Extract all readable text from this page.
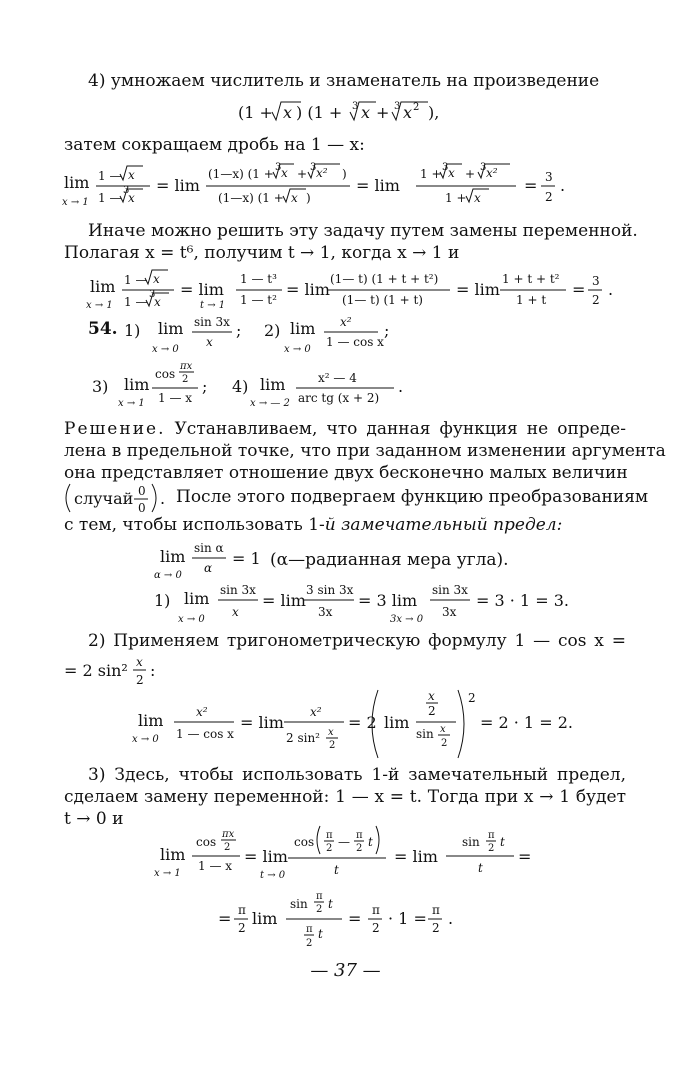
4) умножаем числитель и знаменатель на произведение
(1 + x ) (1 + 3 x + 3 x 2 ),
затем сокращаем дробь на 1 — x:
lim
x → 1
1 — x
1 —
3
x
= lim
(1—x) (1 + 3 x + 3 x² )
(1—x) (1 + x )
= lim
1 + 3 x + 3 x²
1 + x
= 3
2
.
Иначе можно решить эту задачу путем замены переменной.
Полагая x = t⁶, получим t → 1, когда x → 1 и
lim
x → 1
1 — x
1 —
3
x
= lim
t → 1
1 — t³
1 — t²
= lim
(1— t) (1 + t + t²)
(1— t) (1 + t)
= lim
1 + t + t²
1 + t
= 3
2
.
54. 1) lim
x → 0
sin 3x
x
; 2) lim
x → 0
x²
1 — cos x
;
3) lim
x → 1
cos
πx
2
1 — x
; 4) lim
x → — 2
x² — 4
arc tg (x + 2)
.
Решение. Устанавливаем, что данная функция не опреде-
лена в предельной точке, что при заданном изменении аргумента
она представляет отношение двух бесконечно малых величин
случай 0
0 . После этого подвергаем функцию преобразованиям
с тем, чтобы использовать 1-й замечательный предел:
lim
α → 0
sin α
α = 1 (α—радианная мера угла).
1) lim
x → 0
sin 3x
x
= lim
3 sin 3x
3x
= 3 lim
3x → 0
sin 3x
3x
= 3 · 1 = 3.
2) Применяем тригонометрическую формулу 1 — cos x =
= 2 sin² x
2 :
lim
x → 0
x²
1 — cos x
= lim
x²
2 sin² x
2
= 2 lim
x
2
sin x
2
2
= 2 · 1 = 2.
3) Здесь, чтобы использовать 1-й замечательный предел,
сделаем замену переменной: 1 — x = t. Тогда при x → 1 будет
t → 0 и
lim
x → 1
cos
πx
2
1 — x = lim
t → 0
cos π
2 — π
2 t
t
= lim
sin π
2 t
t
=
= π
2 lim
sin
π
2 t
π
2
t
= π
2 · 1 = π
2 .
— 37 —
